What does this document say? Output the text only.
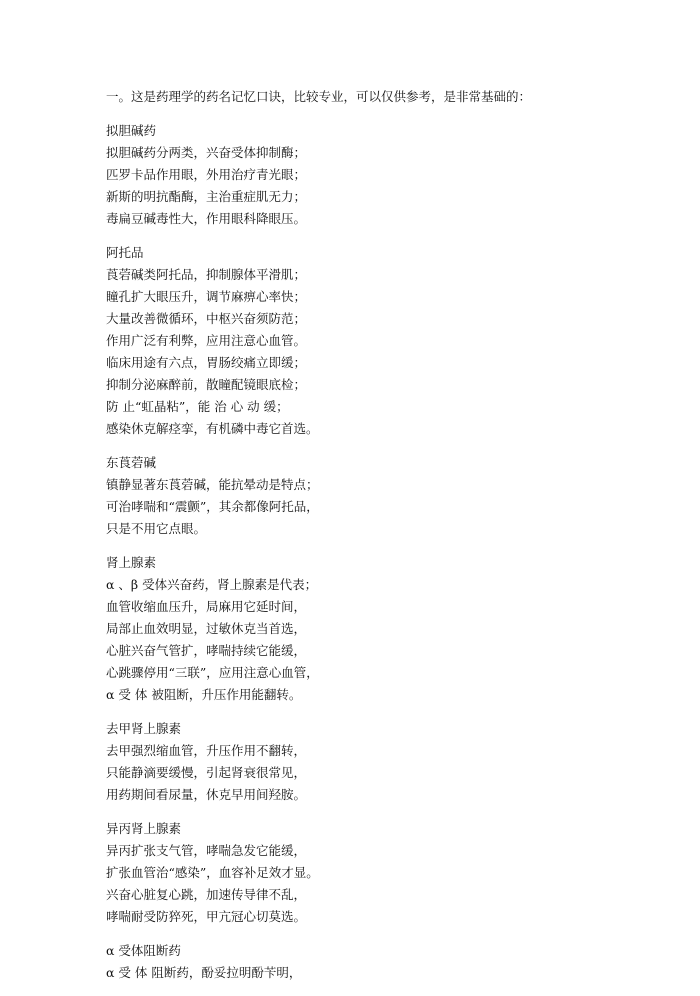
一。这是药理学的药名记忆口诀，比较专业，可以仅供参考，是非常基础的：

拟胆碱药

拟胆碱药分两类，兴奋受体抑制酶；

匹罗卡品作用眼，外用治疗青光眼；

新斯的明抗酯酶，主治重症肌无力；

毒扁豆碱毒性大，作用眼科降眼压。

阿托品

莨菪碱类阿托品，抑制腺体平滑肌；

瞳孔扩大眼压升，调节麻痹心率快；

大量改善微循环，中枢兴奋须防范；

作用广泛有利弊，应用注意心血管。

临床用途有六点，胃肠绞痛立即缓；

抑制分泌麻醉前，散瞳配镜眼底检；

防 止“虹晶粘”，能 治 心 动 缓；

感染休克解痉挛，有机磷中毒它首选。

东莨菪碱

镇静显著东莨菪碱，能抗晕动是特点；

可治哮喘和“震颤”，其余都像阿托品，

只是不用它点眼。

肾上腺素

α 、β 受体兴奋药，肾上腺素是代表；

血管收缩血压升，局麻用它延时间，

局部止血效明显，过敏休克当首选，

心脏兴奋气管扩，哮喘持续它能缓，

心跳骤停用“三联”，应用注意心血管，

α 受 体 被阻断，升压作用能翻转。

去甲肾上腺素

去甲强烈缩血管，升压作用不翻转，

只能静滴要缓慢，引起肾衰很常见，

用药期间看尿量，休克早用间羟胺。

异丙肾上腺素

异丙扩张支气管，哮喘急发它能缓，

扩张血管治“感染”，血容补足效才显。

兴奋心脏复心跳，加速传导律不乱，

哮喘耐受防猝死，甲亢冠心切莫选。

α 受体阻断药

α 受 体 阻断药，酚妥拉明酚苄明，
